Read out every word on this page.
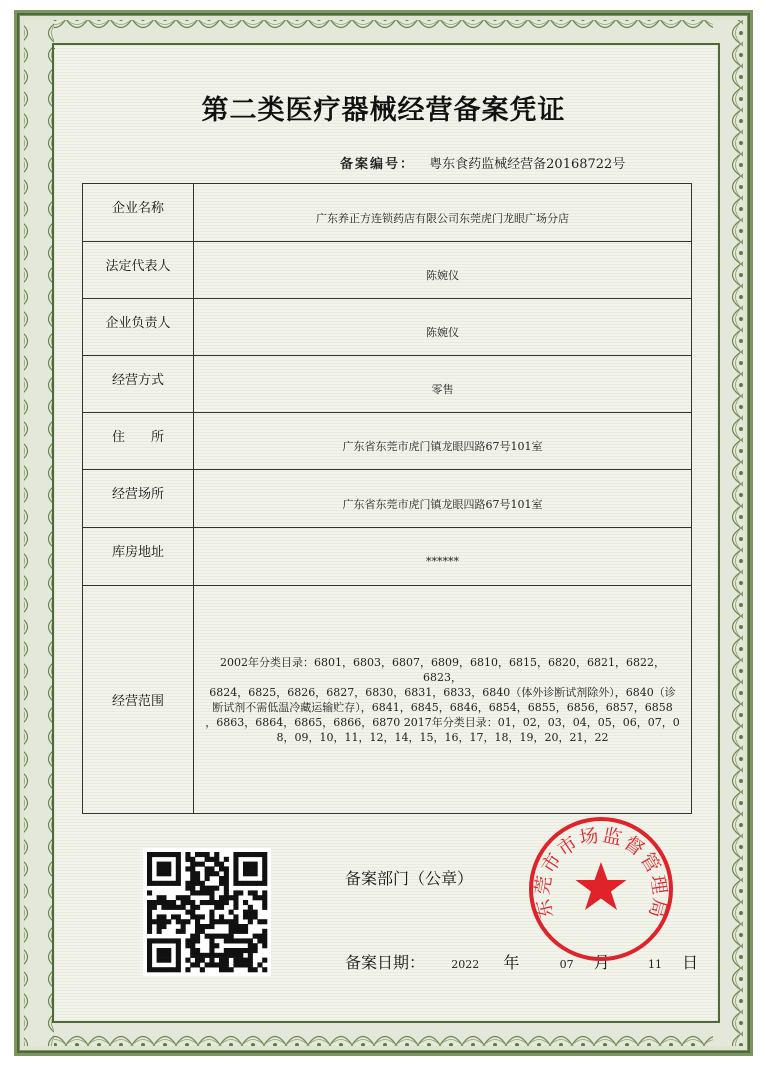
第二类医疗器械经营备案凭证
备案编号： 粤东食药监械经营备20168722号
企业名称	广东养正方连锁药店有限公司东莞虎门龙眼广场分店

法定代表人	陈婉仪

企业负责人	陈婉仪

经营方式	零售

住　　所	广东省东莞市虎门镇龙眼四路67号101室

经营场所	广东省东莞市虎门镇龙眼四路67号101室

库房地址	******

经营范围	2002年分类目录：6801，6803，6807，6809，6810，6815，6820，6821，6822，6823，
6824，6825，6826，6827，6830，6831，6833，6840（体外诊断试剂除外），6840（诊
断试剂不需低温冷藏运输贮存），6841，6845，6846，6854，6855，6856，6857，6858
，6863，6864，6865，6866，6870 2017年分类目录：01，02，03，04，05，06，07，0
8，09，10，11，12，14，15，16，17，18，19，20，21，22
备案部门（公章）
备案日期： 2022 年	07 月	11 日
东莞市市场监督管理局
